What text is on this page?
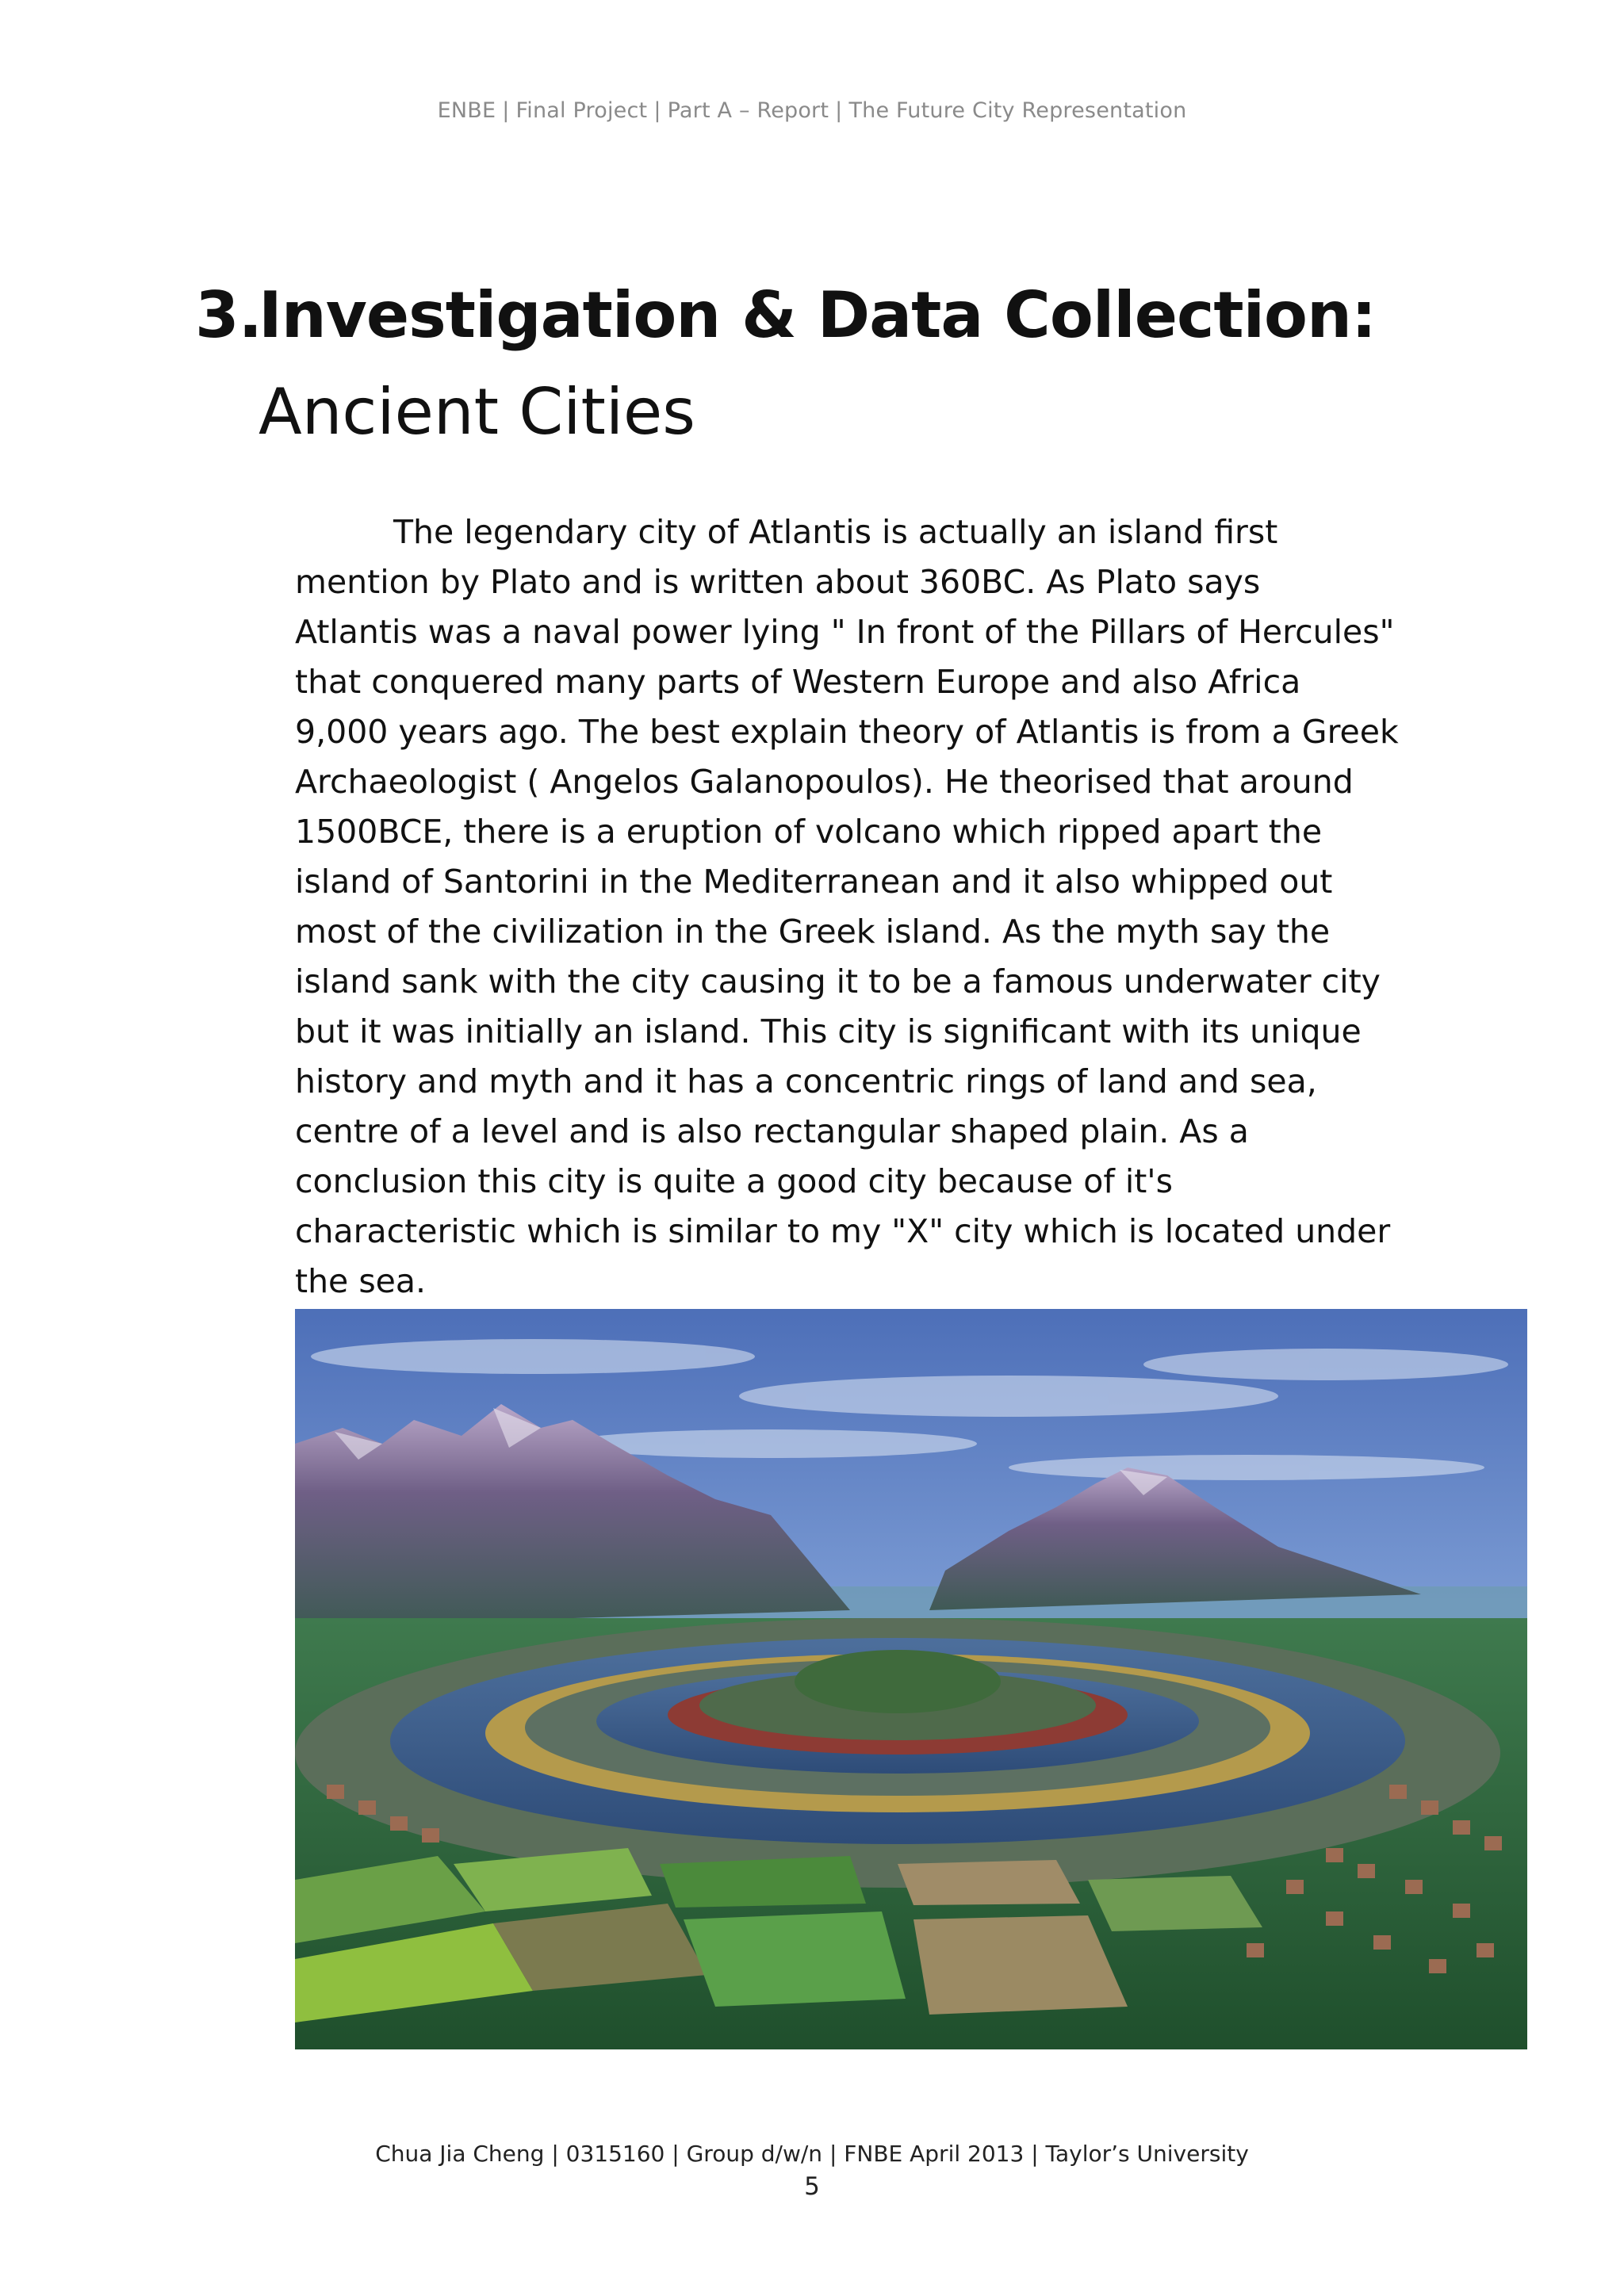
ENBE | Final Project | Part A – Report | The Future City Representation
3.Investigation & Data Collection:
Ancient Cities

The legendary city of Atlantis is actually an island first
mention by Plato and is written about 360BC. As Plato says
Atlantis was a naval power lying " In front of the Pillars of Hercules"
that conquered many parts of Western Europe and also Africa
9,000 years ago. The best explain theory of Atlantis is from a Greek
Archaeologist ( Angelos Galanopoulos). He theorised that around
1500BCE, there is a eruption of volcano which ripped apart the
island of Santorini in the Mediterranean and it also whipped out
most of the civilization in the Greek island. As the myth say the
island sank with the city causing it to be a famous underwater city
but it was initially an island. This city is significant with its unique
history and myth and it has a concentric rings of land and sea,
centre of a level and is also rectangular shaped plain. As a
conclusion this city is quite a good city because of it's
characteristic which is similar to my "X" city which is located under
the sea.

Chua Jia Cheng | 0315160 | Group d/w/n | FNBE April 2013 | Taylor’s University
5
